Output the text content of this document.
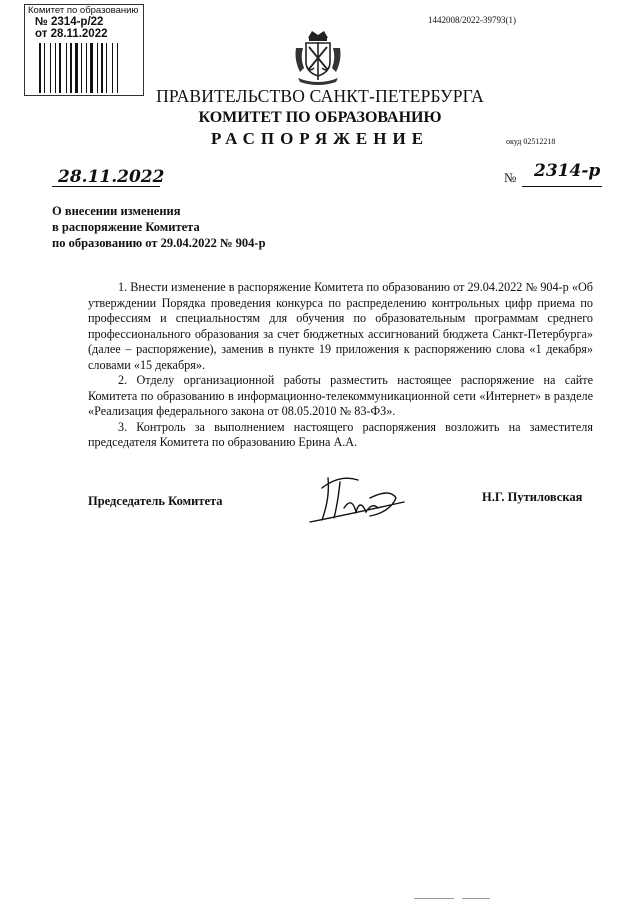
Комитет по образованию
№ 2314-р/22
от 28.11.2022
1442008/2022-39793(1)
ПРАВИТЕЛЬСТВО САНКТ-ПЕТЕРБУРГА
КОМИТЕТ ПО ОБРАЗОВАНИЮ
РАСПОРЯЖЕНИЕ	окуд 02512218
28.11.2022	№ 2314-р
О внесении изменения
в распоряжение Комитета
по образованию от 29.04.2022 № 904-р

1. Внести изменение в распоряжение Комитета по образованию от 29.04.2022 № 904-р «Об утверждении Порядка проведения конкурса по распределению контрольных цифр приема по профессиям и специальностям для обучения по образовательным программам среднего профессионального образования за счет бюджетных ассигнований бюджета Санкт-Петербурга» (далее – распоряжение), заменив в пункте 19 приложения к распоряжению слова «1 декабря» словами «15 декабря».

2. Отделу организационной работы разместить настоящее распоряжение на сайте Комитета по образованию в информационно-телекоммуникационной сети «Интернет» в разделе «Реализация федерального закона от 08.05.2010 № 83-ФЗ».

3. Контроль за выполнением настоящего распоряжения возложить на заместителя председателя Комитета по образованию Ерина А.А.

Председатель Комитета	Н.Г. Путиловская
